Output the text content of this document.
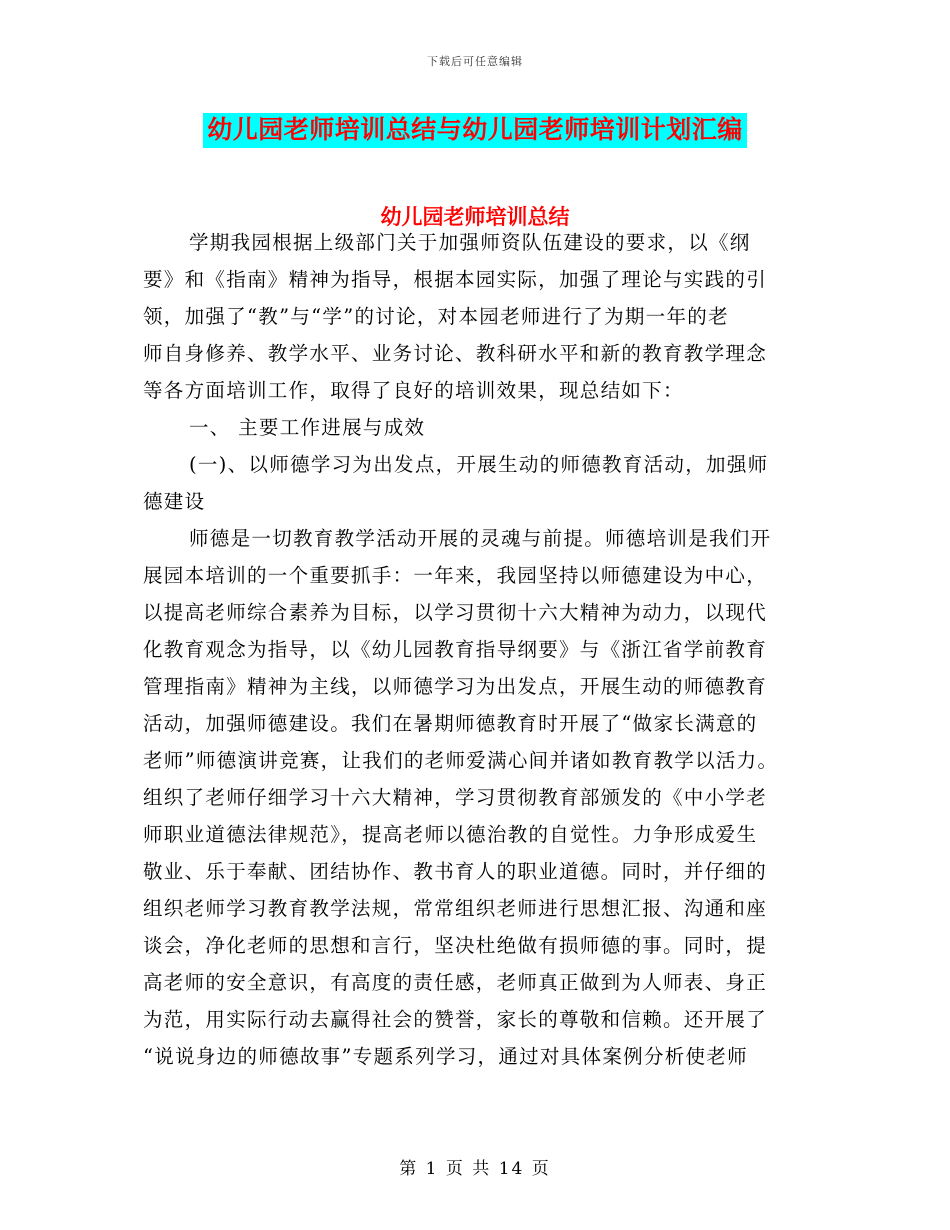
下载后可任意编辑
幼儿园老师培训总结与幼儿园老师培训计划汇编
幼儿园老师培训总结
学期我园根据上级部门关于加强师资队伍建设的要求，以《纲
要》和《指南》精神为指导，根据本园实际，加强了理论与实践的引
领，加强了“教”与“学”的讨论，对本园老师进行了为期一年的老
师自身修养、教学水平、业务讨论、教科研水平和新的教育教学理念
等各方面培训工作，取得了良好的培训效果，现总结如下：
一、 主要工作进展与成效
(一)、以师德学习为出发点，开展生动的师德教育活动，加强师
德建设
师德是一切教育教学活动开展的灵魂与前提。师德培训是我们开
展园本培训的一个重要抓手：一年来，我园坚持以师德建设为中心，
以提高老师综合素养为目标，以学习贯彻十六大精神为动力，以现代
化教育观念为指导，以《幼儿园教育指导纲要》与《浙江省学前教育
管理指南》精神为主线，以师德学习为出发点，开展生动的师德教育
活动，加强师德建设。我们在暑期师德教育时开展了“做家长满意的
老师”师德演讲竞赛，让我们的老师爱满心间并诸如教育教学以活力。
组织了老师仔细学习十六大精神，学习贯彻教育部颁发的《中小学老
师职业道德法律规范》，提高老师以德治教的自觉性。力争形成爱生
敬业、乐于奉献、团结协作、教书育人的职业道德。同时，并仔细的
组织老师学习教育教学法规，常常组织老师进行思想汇报、沟通和座
谈会，净化老师的思想和言行，坚决杜绝做有损师德的事。同时，提
高老师的安全意识，有高度的责任感，老师真正做到为人师表、身正
为范，用实际行动去赢得社会的赞誉，家长的尊敬和信赖。还开展了
“说说身边的师德故事”专题系列学习，通过对具体案例分析使老师
第 1 页 共 14 页
